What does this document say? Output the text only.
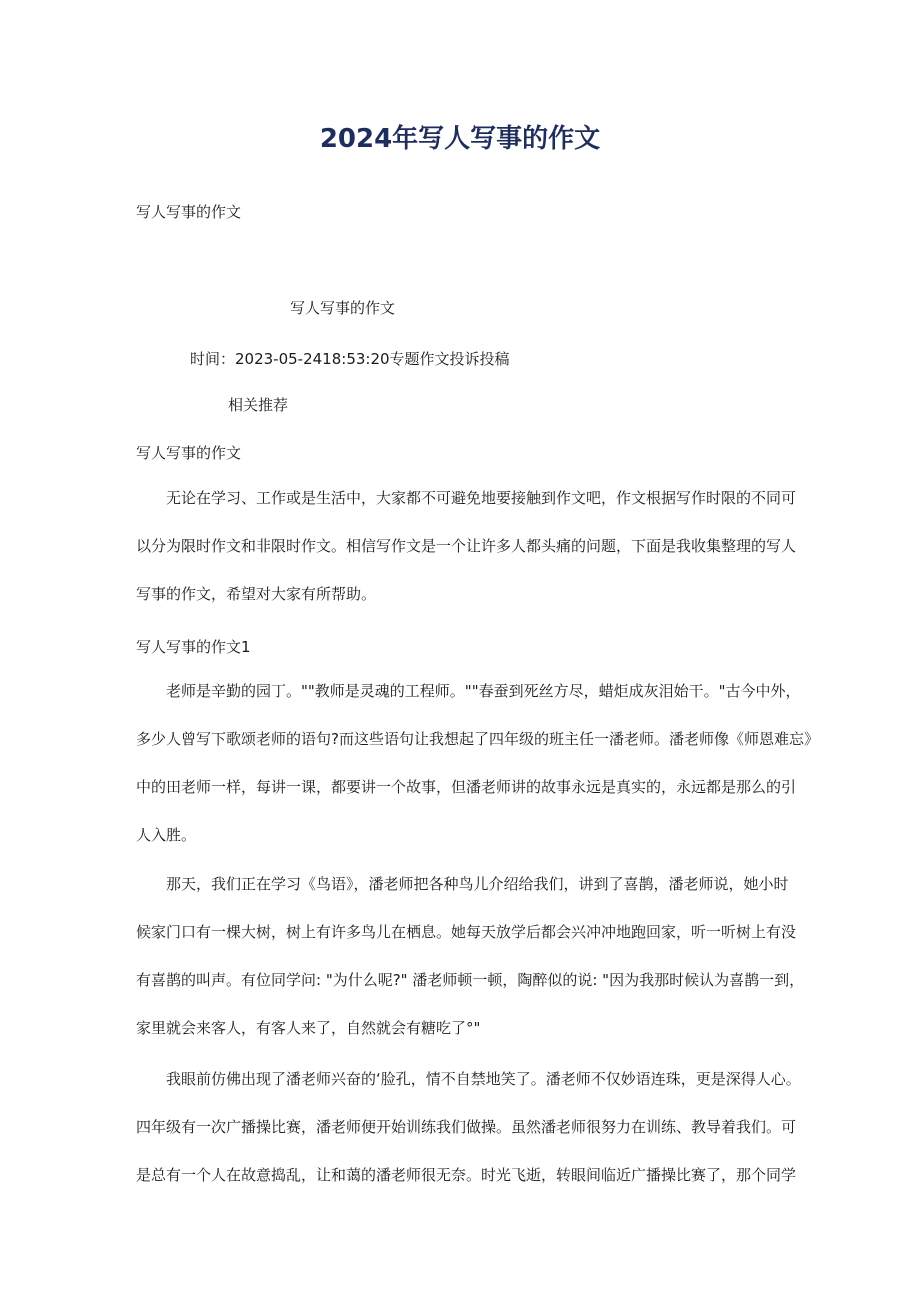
2024年写人写事的作文
写人写事的作文
写人写事的作文
时间：2023-05-2418:53:20专题作文投诉投稿
相关推荐
写人写事的作文
无论在学习、工作或是生活中，大家都不可避免地要接触到作文吧，作文根据写作时限的不同可
以分为限时作文和非限时作文。相信写作文是一个让许多人都头痛的问题，下面是我收集整理的写人
写事的作文，希望对大家有所帮助。
写人写事的作文1
老师是辛勤的园丁。""教师是灵魂的工程师。""春蚕到死丝方尽，蜡炬成灰泪始干。"古今中外，
多少人曾写下歌颂老师的语句?而这些语句让我想起了四年级的班主任一潘老师。潘老师像《师恩难忘》
中的田老师一样，每讲一课，都要讲一个故事，但潘老师讲的故事永远是真实的，永远都是那么的引
人入胜。
那天，我们正在学习《鸟语》，潘老师把各种鸟儿介绍给我们，讲到了喜鹊，潘老师说，她小时
候家门口有一棵大树，树上有许多鸟儿在栖息。她每天放学后都会兴冲冲地跑回家，听一听树上有没
有喜鹊的叫声。有位同学问: "为什么呢?" 潘老师顿一顿，陶醉似的说: "因为我那时候认为喜鹊一到，
家里就会来客人，有客人来了，自然就会有糖吃了°"
我眼前仿佛出现了潘老师兴奋的‘脸孔，情不自禁地笑了。潘老师不仅妙语连珠，更是深得人心。
四年级有一次广播操比赛，潘老师便开始训练我们做操。虽然潘老师很努力在训练、教导着我们。可
是总有一个人在故意捣乱，让和蔼的潘老师很无奈。时光飞逝，转眼间临近广播操比赛了，那个同学
